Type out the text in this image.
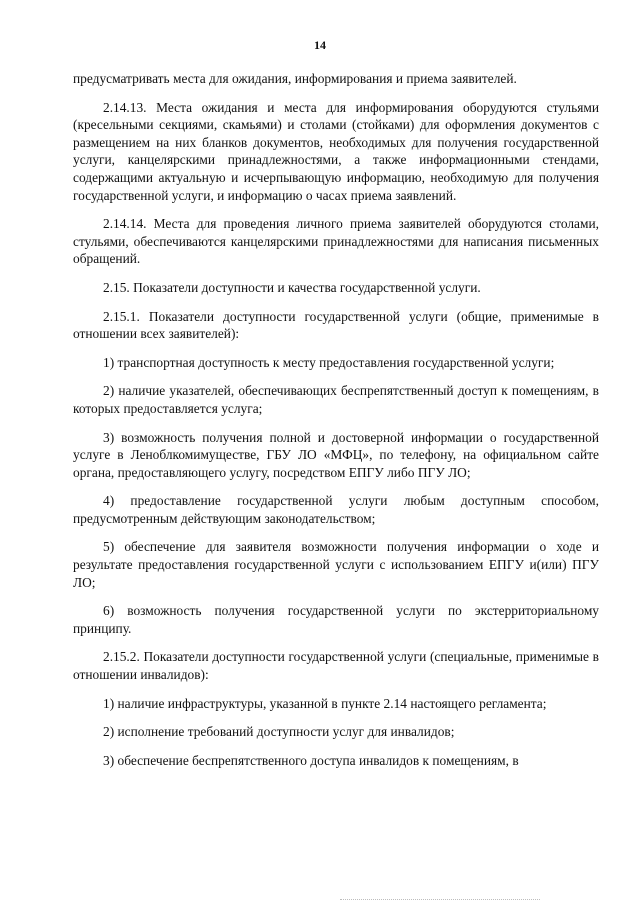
14

предусматривать места для ожидания, информирования и приема заявителей.

2.14.13. Места ожидания и места для информирования оборудуются стульями (кресельными секциями, скамьями) и столами (стойками) для оформления документов с размещением на них бланков документов, необходимых для получения государственной услуги, канцелярскими принадлежностями, а также информационными стендами, содержащими актуальную и исчерпывающую информацию, необходимую для получения государственной услуги, и информацию о часах приема заявлений.

2.14.14. Места для проведения личного приема заявителей оборудуются столами, стульями, обеспечиваются канцелярскими принадлежностями для написания письменных обращений.

2.15. Показатели доступности и качества государственной услуги.

2.15.1. Показатели доступности государственной услуги (общие, применимые в отношении всех заявителей):

1) транспортная доступность к месту предоставления государственной услуги;

2) наличие указателей, обеспечивающих беспрепятственный доступ к помещениям, в которых предоставляется услуга;

3) возможность получения полной и достоверной информации о государственной услуге в Леноблкомимуществе, ГБУ ЛО «МФЦ», по телефону, на официальном сайте органа, предоставляющего услугу, посредством ЕПГУ либо ПГУ ЛО;

4) предоставление государственной услуги любым доступным способом, предусмотренным действующим законодательством;

5) обеспечение для заявителя возможности получения информации о ходе и результате предоставления государственной услуги с использованием ЕПГУ и(или) ПГУ ЛО;

6) возможность получения государственной услуги по экстерриториальному принципу.

2.15.2. Показатели доступности государственной услуги (специальные, применимые в отношении инвалидов):

1) наличие инфраструктуры, указанной в пункте 2.14 настоящего регламента;

2) исполнение требований доступности услуг для инвалидов;

3) обеспечение беспрепятственного доступа инвалидов к помещениям, в
